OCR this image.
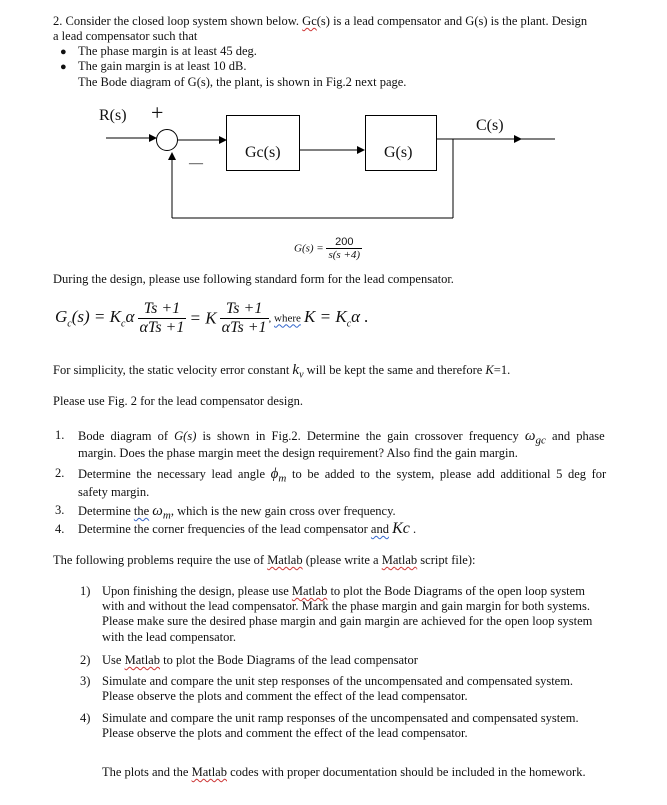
2. Consider the closed loop system shown below. Gc(s) is a lead compensator and G(s) is the plant. Design
a lead compensator such that
● The phase margin is at least 45 deg.
● The gain margin is at least 10 dB.
The Bode diagram of G(s), the plant, is shown in Fig.2 next page.
R(s) +
—
Gc(s)	G(s)
C(s)
$G(s) = \frac{200}{s(s +4)}$
During the design, please use following standard form for the lead compensator.
$G_c(s) = K_c\alpha \frac{Ts +1}{\text{αTs +1}} = K \frac{Ts +1}{\text{αTs +1}}$ , where $K = K_c\alpha$ .
For simplicity, the static velocity error constant $k_v$ will be kept the same and therefore K=1.
Please use Fig. 2 for the lead compensator design.
1. Bode diagram of G(s) is shown in Fig.2. Determine the gain crossover frequency $\omega_{gc}$ and phase
margin. Does the phase margin meet the design requirement? Also find the gain margin.
2. Determine the necessary lead angle $\phi_m$ to be added to the system, please add additional 5 deg for
safety margin.
3. Determine the $\omega_m$, which is the new gain cross over frequency.
4. Determine the corner frequencies of the lead compensator and Kc .
The following problems require the use of Matlab (please write a Matlab script file):
1) Upon finishing the design, please use Matlab to plot the Bode Diagrams of the open loop system
with and without the lead compensator. Mark the phase margin and gain margin for both systems.
Please make sure the desired phase margin and gain margin are achieved for the open loop system
with the lead compensator.
2) Use Matlab to plot the Bode Diagrams of the lead compensator
3) Simulate and compare the unit step responses of the uncompensated and compensated system.
Please observe the plots and comment the effect of the lead compensator.
4) Simulate and compare the unit ramp responses of the uncompensated and compensated system.
Please observe the plots and comment the effect of the lead compensator.
The plots and the Matlab codes with proper documentation should be included in the homework.
